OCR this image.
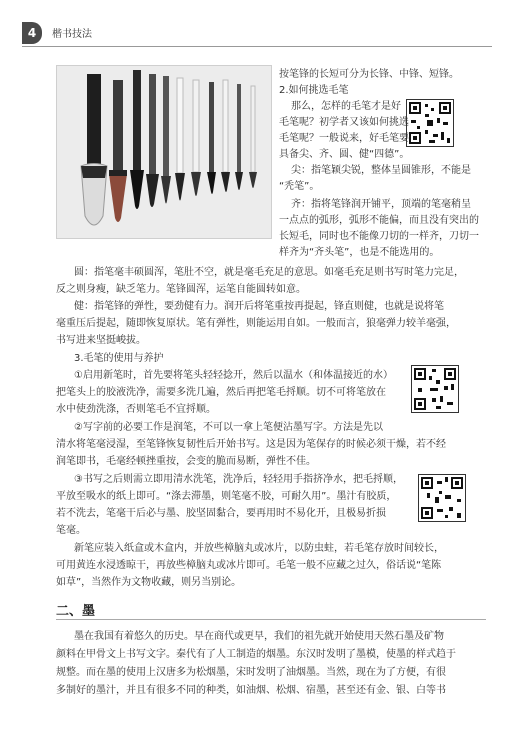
4	楷书技法
按笔锋的长短可分为长锋、中锋、短锋。
2.如何挑选毛笔
那么，怎样的毛笔才是好
毛笔呢？初学者又该如何挑选
毛笔呢？一般说来，好毛笔要
具备尖、齐、圆、健“四德”。
尖：指笔颖尖锐，整体呈圆锥形，不能是
“秃笔”。
齐：指将笔锋润开铺平，顶端的笔毫稍呈
一点点的弧形，弧形不能偏，而且没有突出的
长短毛，同时也不能像刀切的一样齐，刀切一
样齐为“齐头笔”，也是不能选用的。
圆：指笔毫丰硕圆浑，笔肚不空，就是毫毛充足的意思。如毫毛充足则书写时笔力完足，
反之则身瘦，缺乏笔力。笔锋圆浑，运笔自能圆转如意。
健：指笔锋的弹性，要劲健有力。润开后将笔重按再提起，锋直则健，也就是说将笔
毫重压后提起，随即恢复原状。笔有弹性，则能运用自如。一般而言，狼毫弹力较羊毫强，
书写进来坚挺峻拔。
3.毛笔的使用与养护
①启用新笔时，首先要将笔头轻轻捻开，然后以温水（和体温接近的水）
把笔头上的胶液洗净，需要多洗几遍，然后再把笔毛捋顺。切不可将笔放在
水中使劲洗涤，否则笔毛不宜捋顺。
②写字前的必要工作是润笔，不可以一拿上笔便沾墨写字。方法是先以
清水将笔毫浸湿，至笔锋恢复韧性后开始书写。这是因为笔保存的时候必须干燥，若不经
润笔即书，毛毫经顿挫重按，会变的脆而易断，弹性不佳。
③书写之后则需立即用清水洗笔，洗净后，轻轻用手指挤净水，把毛捋顺，
平放至吸水的纸上即可。“涤去滞墨，则笔毫不胶，可耐久用”。墨汁有胶质，
若不洗去，笔毫干后必与墨、胶坚固黏合，要再用时不易化开，且极易折损
笔毫。
新笔应装入纸盒或木盒内，并放些樟脑丸或冰片，以防虫蛀，若毛笔存放时间较长，
可用黄连水浸透晾干，再放些樟脑丸或冰片即可。毛笔一般不应藏之过久，俗话说“笔陈
如草”，当然作为文物收藏，则另当别论。
二、墨
墨在我国有着悠久的历史。早在商代或更早，我们的祖先就开始使用天然石墨及矿物
颜料在甲骨文上书写文字。秦代有了人工制造的烟墨。东汉时发明了墨模，使墨的样式趋于
规整。而在墨的使用上汉唐多为松烟墨，宋时发明了油烟墨。当然，现在为了方便，有很
多制好的墨汁，并且有很多不同的种类，如油烟、松烟、宿墨，甚至还有金、银、白等书
